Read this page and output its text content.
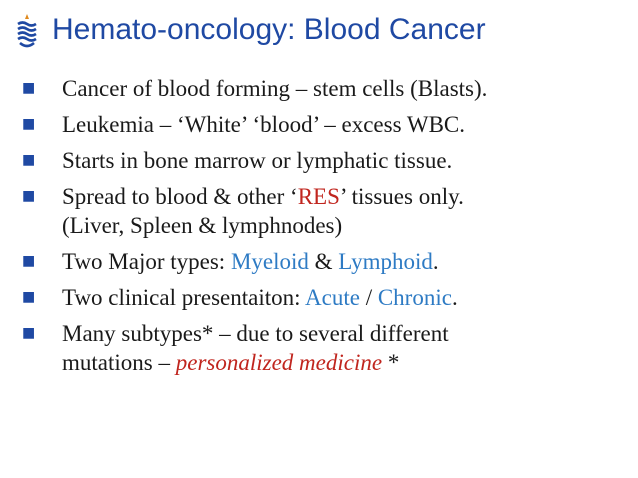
Hemato-oncology: Blood Cancer
■ Cancer of blood forming – stem cells (Blasts).
■ Leukemia – ‘White’ ‘blood’ – excess WBC.
■ Starts in bone marrow or lymphatic tissue.
■ Spread to blood & other ‘RES’ tissues only.
(Liver, Spleen & lymphnodes)
■ Two Major types: Myeloid & Lymphoid.
■ Two clinical presentaiton: Acute / Chronic.
■ Many subtypes* – due to several different
mutations – personalized medicine *
